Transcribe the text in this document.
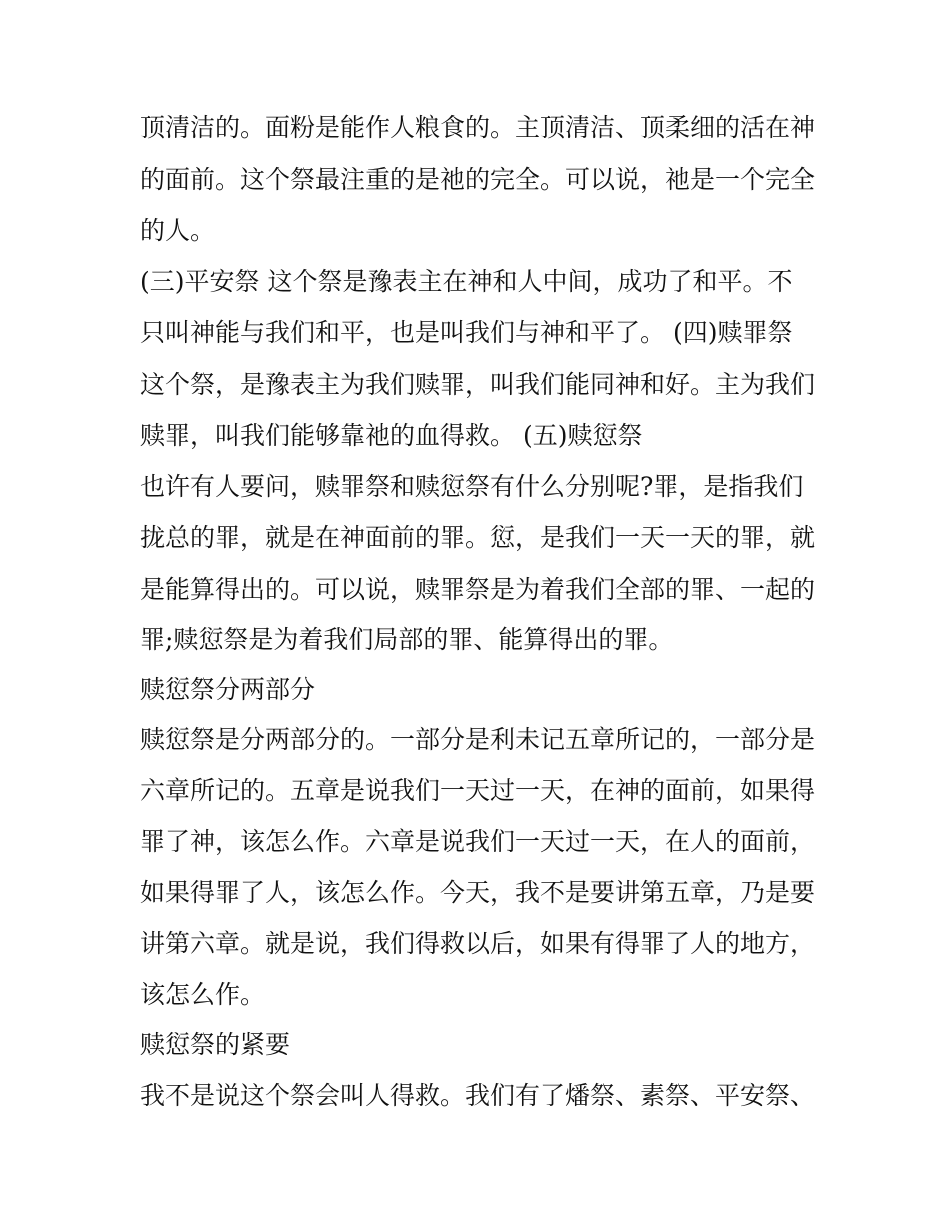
顶清洁的。面粉是能作人粮食的。主顶清洁、顶柔细的活在神
的面前。这个祭最注重的是祂的完全。可以说，祂是一个完全
的人。
(三)平安祭 这个祭是豫表主在神和人中间，成功了和平。不
只叫神能与我们和平，也是叫我们与神和平了。 (四)赎罪祭
这个祭，是豫表主为我们赎罪，叫我们能同神和好。主为我们
赎罪，叫我们能够靠祂的血得救。 (五)赎愆祭
也许有人要问，赎罪祭和赎愆祭有什么分别呢?罪，是指我们
拢总的罪，就是在神面前的罪。愆，是我们一天一天的罪，就
是能算得出的。可以说，赎罪祭是为着我们全部的罪、一起的
罪;赎愆祭是为着我们局部的罪、能算得出的罪。
赎愆祭分两部分
赎愆祭是分两部分的。一部分是利未记五章所记的，一部分是
六章所记的。五章是说我们一天过一天，在神的面前，如果得
罪了神，该怎么作。六章是说我们一天过一天，在人的面前，
如果得罪了人，该怎么作。今天，我不是要讲第五章，乃是要
讲第六章。就是说，我们得救以后，如果有得罪了人的地方，
该怎么作。
赎愆祭的紧要
我不是说这个祭会叫人得救。我们有了燔祭、素祭、平安祭、
